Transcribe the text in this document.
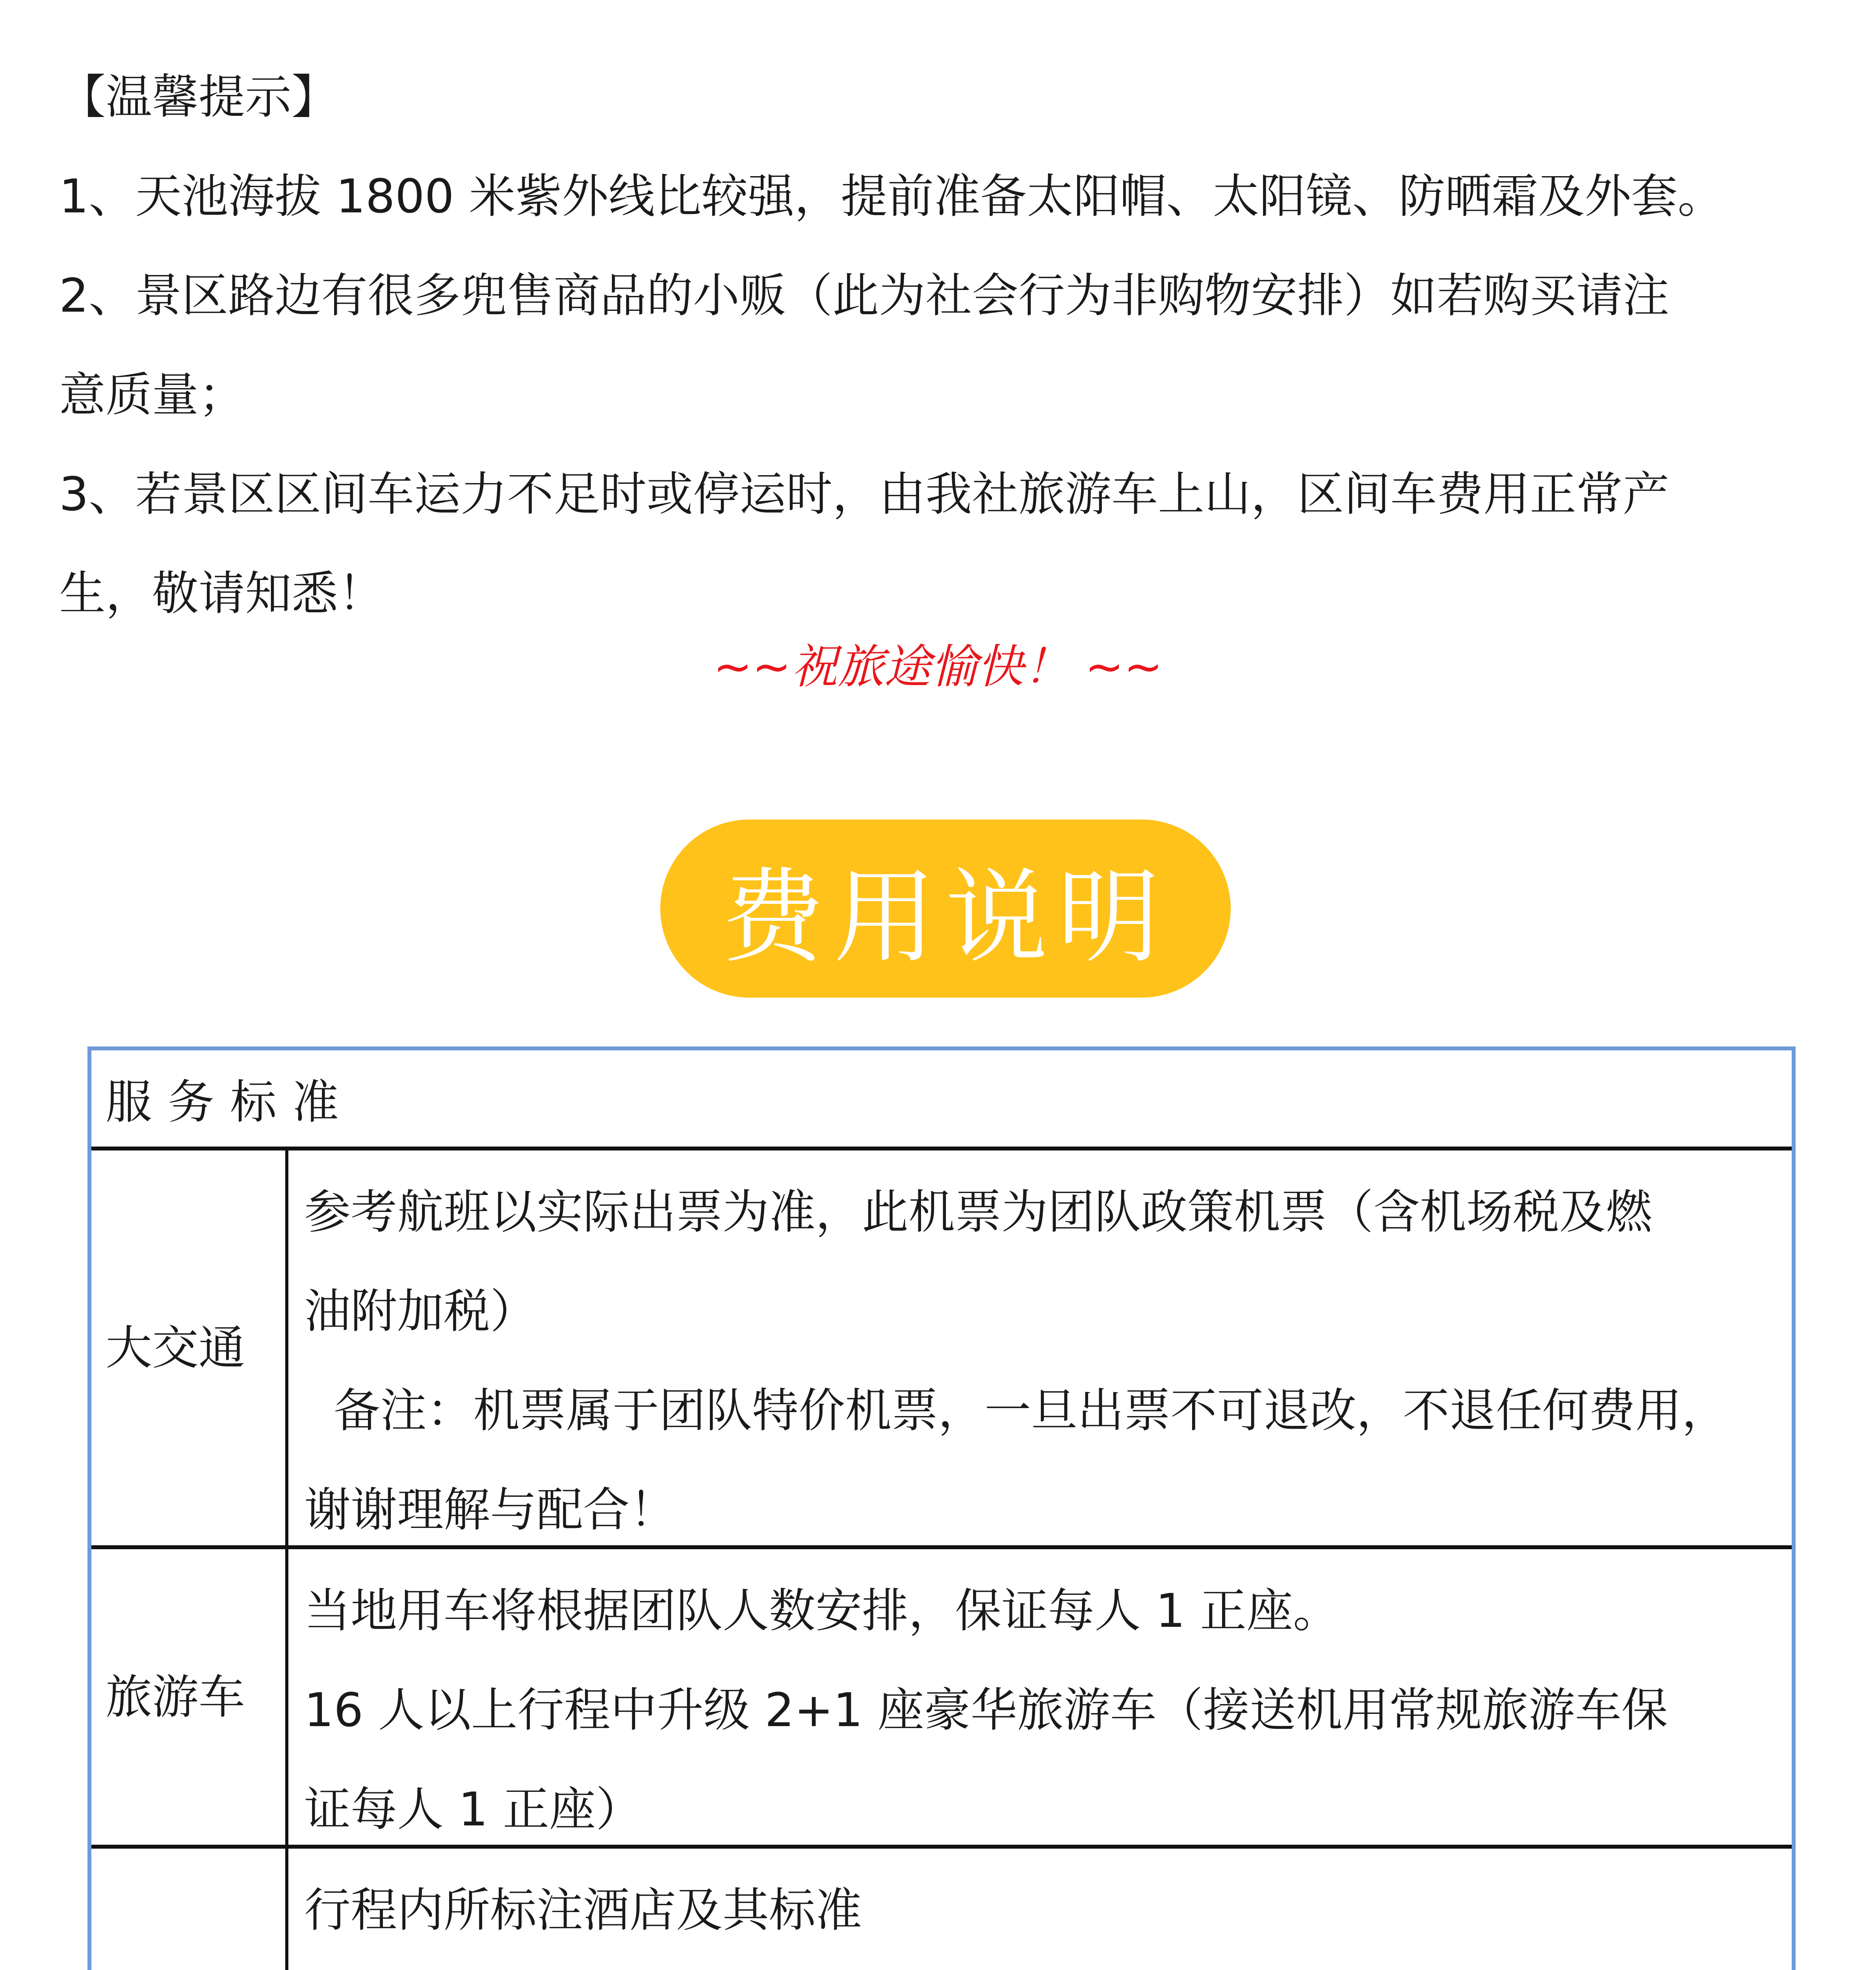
【温馨提示】

1、天池海拔 1800 米紫外线比较强，提前准备太阳帽、太阳镜、防晒霜及外套。

2、景区路边有很多兜售商品的小贩（此为社会行为非购物安排）如若购买请注

意质量；

3、若景区区间车运力不足时或停运时，由我社旅游车上山，区间车费用正常产

生，敬请知悉！

~~祝旅途愉快！ ~~
费用说明
服务标准
大交通

参考航班以实际出票为准，此机票为团队政策机票（含机场税及燃

油附加税）

备注：机票属于团队特价机票，一旦出票不可退改，不退任何费用，

谢谢理解与配合！

旅游车

当地用车将根据团队人数安排，保证每人 1 正座。

16 人以上行程中升级 2+1 座豪华旅游车（接送机用常规旅游车保

证每人 1 正座）

行程内所标注酒店及其标准
